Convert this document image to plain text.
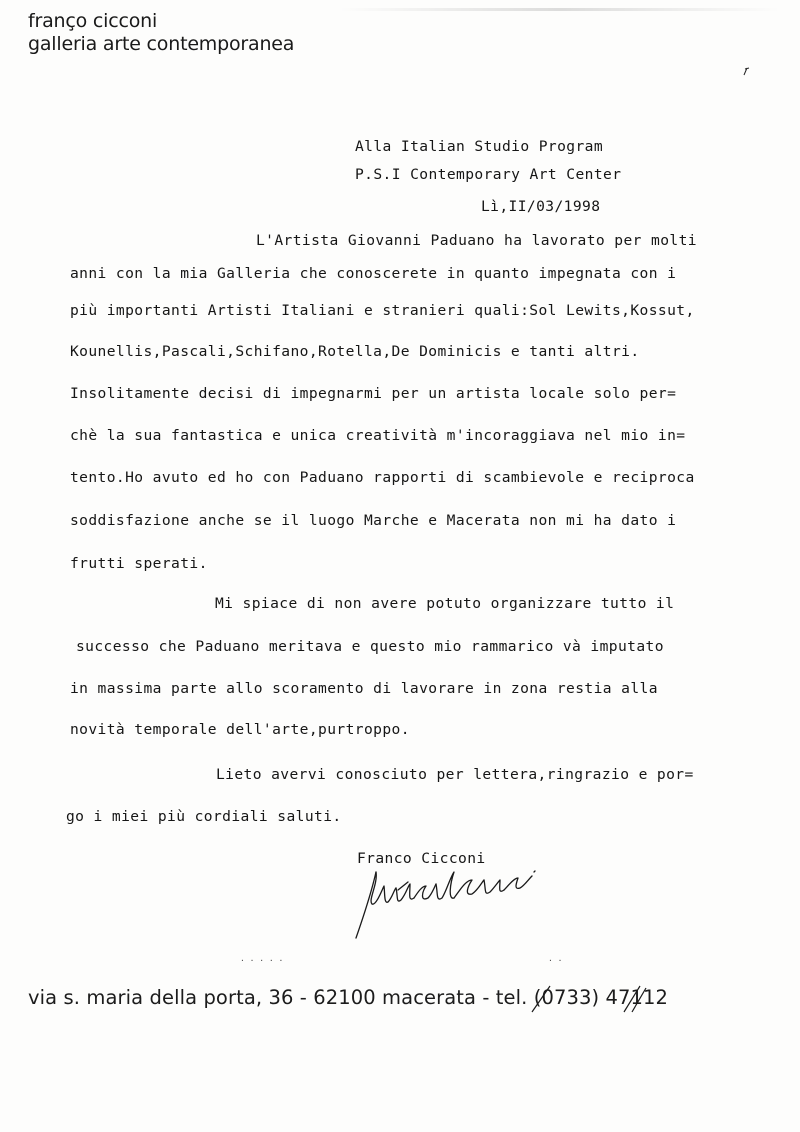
franço cicconi
galleria arte contemporanea
Alla Italian Studio Program
P.S.I Contemporary Art Center
Lì,II/03/1998
L'Artista Giovanni Paduano ha lavorato per molti
anni con la mia Galleria che conoscerete in quanto impegnata con i
più importanti Artisti Italiani e stranieri quali:Sol Lewits,Kossut,
Kounellis,Pascali,Schifano,Rotella,De Dominicis e tanti altri.
Insolitamente decisi di impegnarmi per un artista locale solo per=
chè la sua fantastica e unica creatività m'incoraggiava nel mio in=
tento.Ho avuto ed ho con Paduano rapporti di scambievole e reciproca
soddisfazione anche se il luogo Marche e Macerata non mi ha dato i
frutti sperati.
Mi spiace di non avere potuto organizzare tutto il
successo che Paduano meritava e questo mio rammarico và imputato
in massima parte allo scoramento di lavorare in zona restia alla
novità temporale dell'arte,purtroppo.
Lieto avervi conosciuto per lettera,ringrazio e por=
go i miei più cordiali saluti.
Franco Cicconi
· · · · ·	· ·
via s. maria della porta, 36 - 62100 macerata - tel. (0733) 47112
